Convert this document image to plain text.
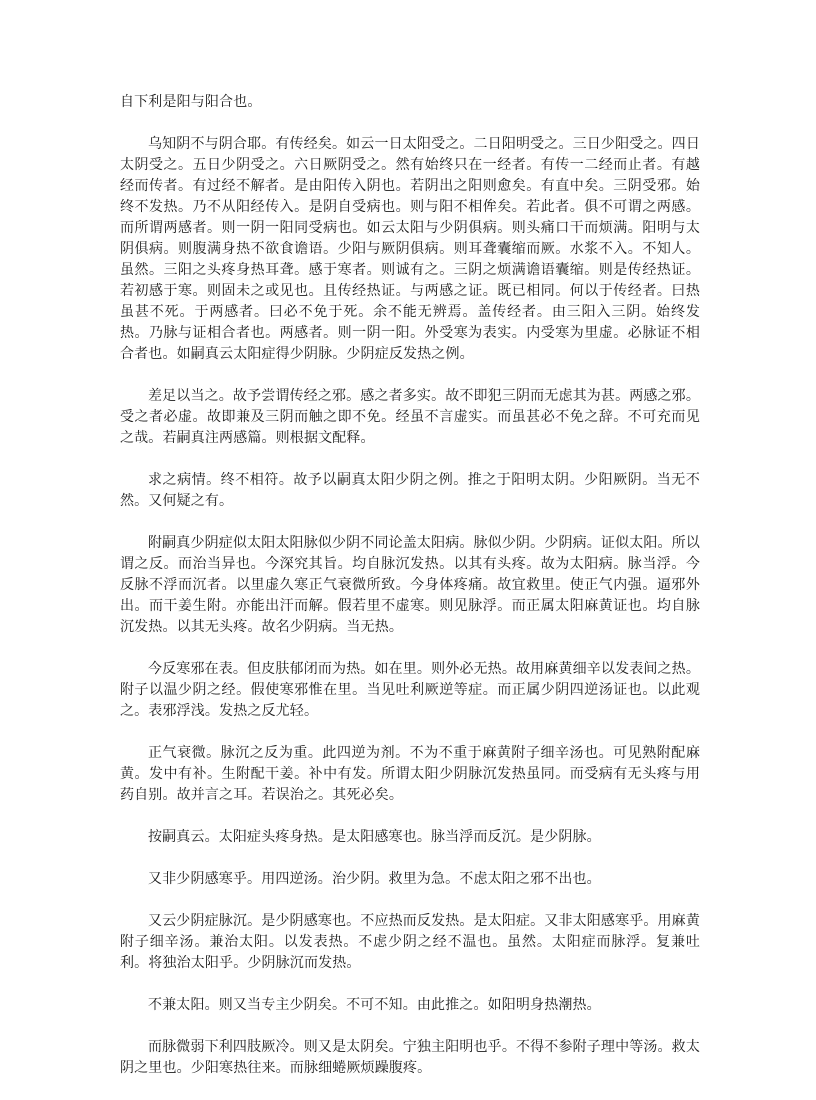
自下利是阳与阳合也。

乌知阴不与阴合耶。有传经矣。如云一日太阳受之。二日阳明受之。三日少阳受之。四日太阴受之。五日少阴受之。六日厥阴受之。然有始终只在一经者。有传一二经而止者。有越经而传者。有过经不解者。是由阳传入阴也。若阴出之阳则愈矣。有直中矣。三阴受邪。始终不发热。乃不从阳经传入。是阴自受病也。则与阳不相侔矣。若此者。俱不可谓之两感。而所谓两感者。则一阴一阳同受病也。如云太阳与少阴俱病。则头痛口干而烦满。阳明与太阴俱病。则腹满身热不欲食谵语。少阳与厥阴俱病。则耳聋囊缩而厥。水浆不入。不知人。虽然。三阳之头疼身热耳聋。感于寒者。则诚有之。三阴之烦满谵语囊缩。则是传经热证。若初感于寒。则固未之或见也。且传经热证。与两感之证。既已相同。何以于传经者。曰热虽甚不死。于两感者。曰必不免于死。余不能无辨焉。盖传经者。由三阳入三阴。始终发热。乃脉与证相合者也。两感者。则一阴一阳。外受寒为表实。内受寒为里虚。必脉证不相合者也。如嗣真云太阳症得少阴脉。少阴症反发热之例。

差足以当之。故予尝谓传经之邪。感之者多实。故不即犯三阴而无虑其为甚。两感之邪。受之者必虚。故即兼及三阴而触之即不免。经虽不言虚实。而虽甚必不免之辞。不可充而见之哉。若嗣真注两感篇。则根据文配释。

求之病情。终不相符。故予以嗣真太阳少阴之例。推之于阳明太阴。少阳厥阴。当无不然。又何疑之有。

附嗣真少阴症似太阳太阳脉似少阴不同论盖太阳病。脉似少阴。少阴病。证似太阳。所以谓之反。而治当异也。今深究其旨。均自脉沉发热。以其有头疼。故为太阳病。脉当浮。今反脉不浮而沉者。以里虚久寒正气衰微所致。今身体疼痛。故宜救里。使正气内强。逼邪外出。而干姜生附。亦能出汗而解。假若里不虚寒。则见脉浮。而正属太阳麻黄证也。均自脉沉发热。以其无头疼。故名少阴病。当无热。

今反寒邪在表。但皮肤郁闭而为热。如在里。则外必无热。故用麻黄细辛以发表间之热。附子以温少阴之经。假使寒邪惟在里。当见吐利厥逆等症。而正属少阴四逆汤证也。以此观之。表邪浮浅。发热之反尤轻。

正气衰微。脉沉之反为重。此四逆为剂。不为不重于麻黄附子细辛汤也。可见熟附配麻黄。发中有补。生附配干姜。补中有发。所谓太阳少阴脉沉发热虽同。而受病有无头疼与用药自别。故并言之耳。若误治之。其死必矣。

按嗣真云。太阳症头疼身热。是太阳感寒也。脉当浮而反沉。是少阴脉。

又非少阴感寒乎。用四逆汤。治少阴。救里为急。不虑太阳之邪不出也。

又云少阴症脉沉。是少阴感寒也。不应热而反发热。是太阳症。又非太阳感寒乎。用麻黄附子细辛汤。兼治太阳。以发表热。不虑少阴之经不温也。虽然。太阳症而脉浮。复兼吐利。将独治太阳乎。少阴脉沉而发热。

不兼太阳。则又当专主少阴矣。不可不知。由此推之。如阳明身热潮热。

而脉微弱下利四肢厥冷。则又是太阴矣。宁独主阳明也乎。不得不参附子理中等汤。救太阴之里也。少阳寒热往来。而脉细蜷厥烦躁腹疼。
